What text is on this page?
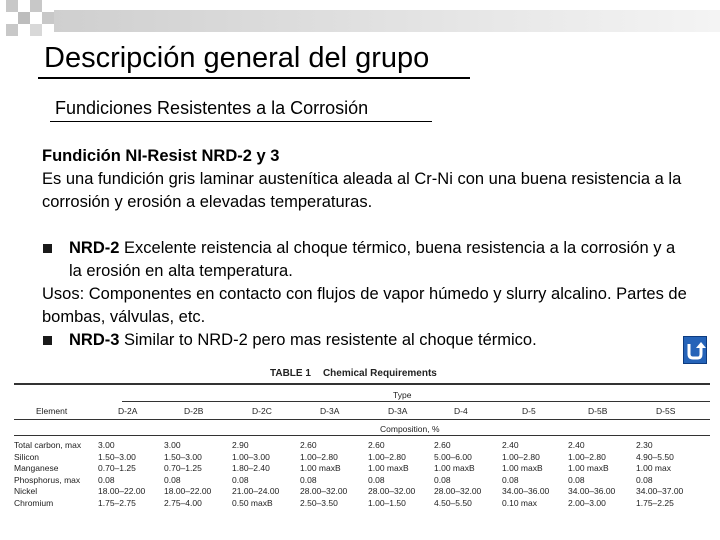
Descripción general del grupo
Fundiciones Resistentes a la Corrosión

Fundición NI-Resist NRD-2 y 3

Es una fundición gris laminar austenítica aleada al Cr-Ni con una buena resistencia a la corrosión y erosión a elevadas temperaturas.

NRD-2 Excelente reistencia al choque térmico, buena resistencia a la corrosión y a la erosión en alta temperatura.

Usos: Componentes en contacto con flujos de vapor húmedo y slurry alcalino. Partes de bombas, válvulas, etc.

NRD-3 Similar to NRD-2 pero mas resistente al choque térmico.

TABLE 1 Chemical Requirements
Type
Element	D-2A	D-2B	D-2C	D-3A	D-3A	D-4	D-5	D-5B	D-5S
Composition, %
Total carbon, max 3.00	3.00	2.90	2.60	2.60	2.60	2.40	2.40	2.30
Silicon	1.50–3.00	1.50–3.00	1.00–3.00	1.00–2.80	1.00–2.80	5.00–6.00	1.00–2.80	1.00–2.80	4.90–5.50
Manganese	0.70–1.25	0.70–1.25	1.80–2.40	1.00 maxB	1.00 maxB	1.00 maxB	1.00 maxB	1.00 maxB	1.00 max
Phosphorus, max 0.08	0.08	0.08	0.08	0.08	0.08	0.08	0.08	0.08
Nickel	18.00–22.00 18.00–22.00 21.00–24.00 28.00–32.00 28.00–32.00 28.00–32.00 34.00–36.00 34.00–36.00 34.00–37.00
Chromium	1.75–2.75	2.75–4.00	0.50 maxB	2.50–3.50	1.00–1.50	4.50–5.50	0.10 max	2.00–3.00	1.75–2.25
